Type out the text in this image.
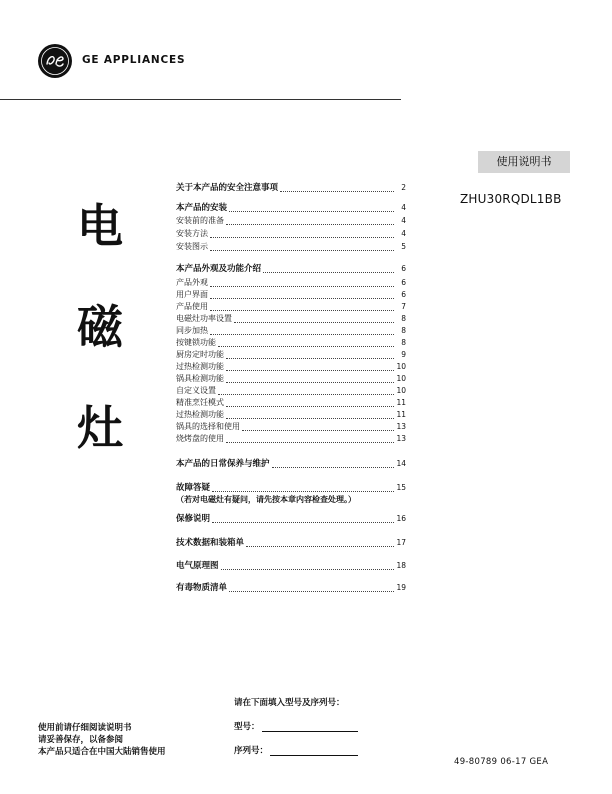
GE APPLIANCES
使用说明书
ZHU30RQDL1BB
电
磁
灶
关于本产品的安全注意事项	2
本产品的安装	4
安装前的准备	4
安装方法	4
安装图示	5
本产品外观及功能介绍	6
产品外观	6
用户界面	6
产品使用	7
电磁灶功率设置	8
同步加热	8
按键锁功能	8
厨房定时功能	9
过热检测功能	10
锅具检测功能	10
自定义设置	10
精准烹饪模式	11
过热检测功能	11
锅具的选择和使用	13
烧烤盘的使用	13
本产品的日常保养与维护	14
故障答疑	15
（若对电磁灶有疑问，请先按本章内容检查处理。）
保修说明	16
技术数据和装箱单	17
电气原理图	18
有毒物质清单	19
请在下面填入型号及序列号：
型号：
序列号：
使用前请仔细阅读说明书
请妥善保存，以备参阅
本产品只适合在中国大陆销售使用
49-80789 06-17 GEA
